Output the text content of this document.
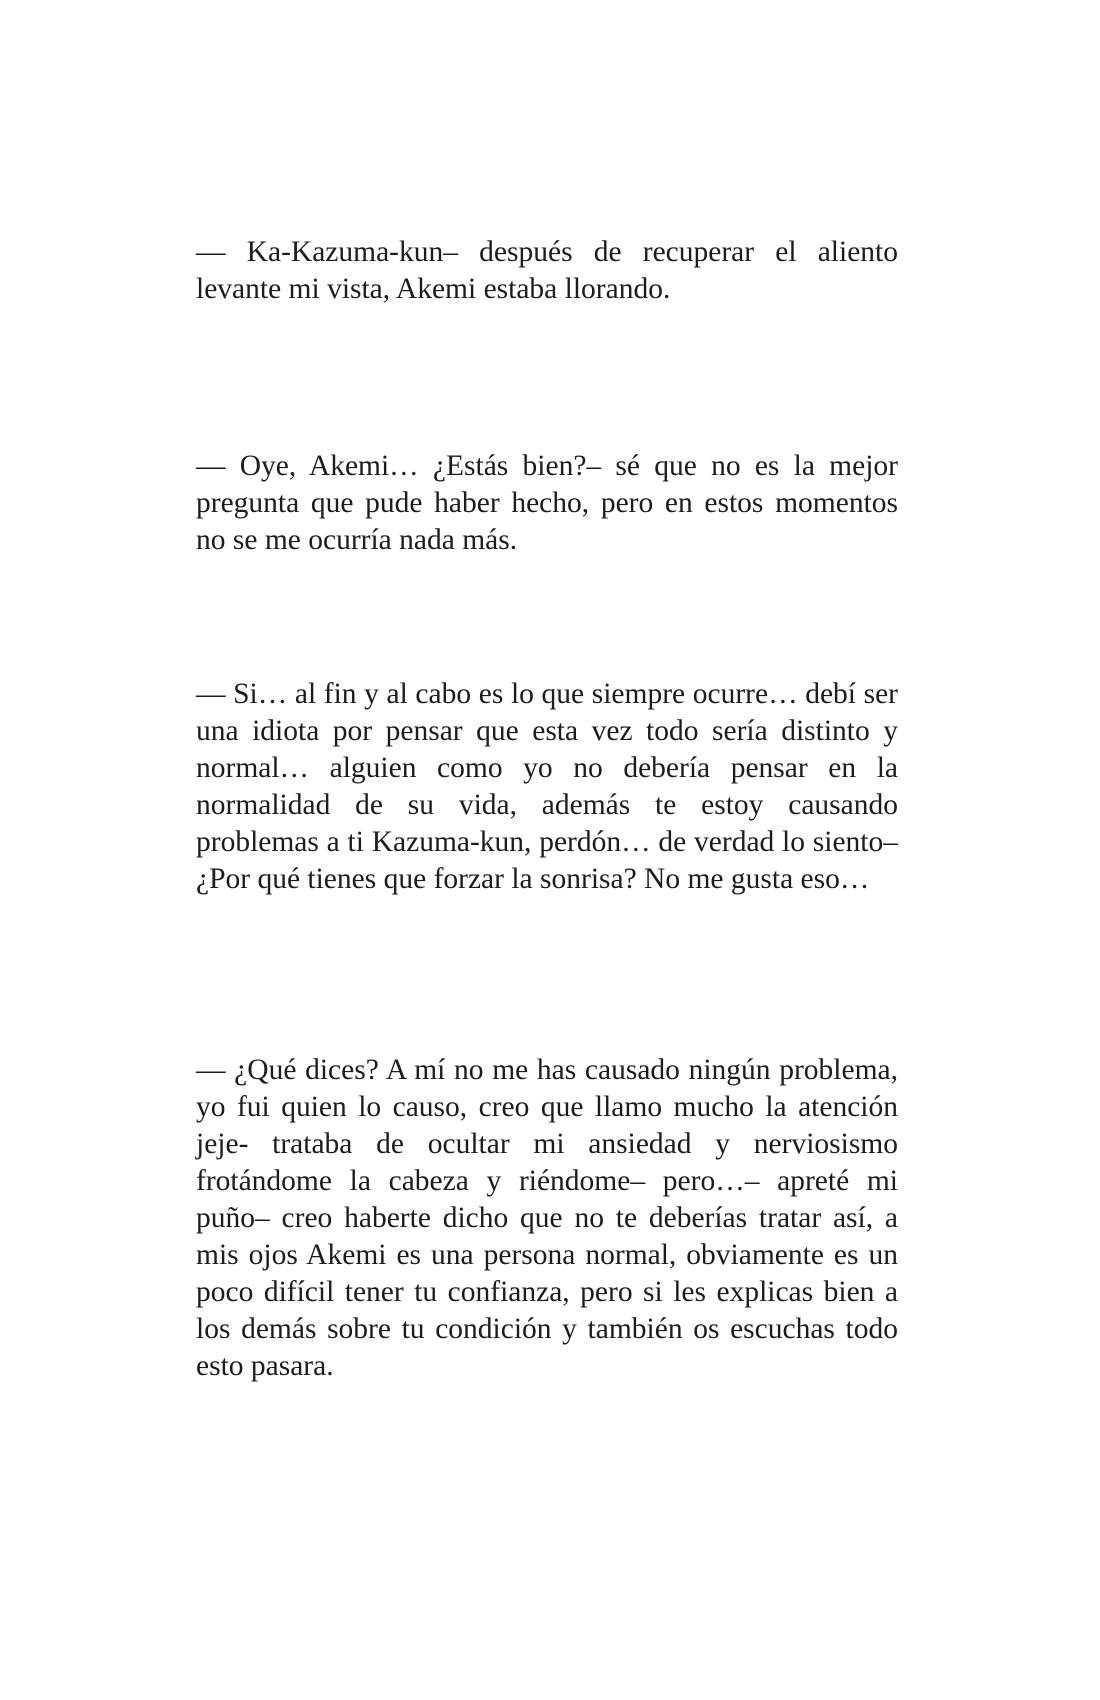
— Ka-Kazuma-kun– después de recuperar el aliento levante mi vista, Akemi estaba llorando.

— Oye, Akemi… ¿Estás bien?– sé que no es la mejor pregunta que pude haber hecho, pero en estos momentos no se me ocurría nada más.

— Si… al fin y al cabo es lo que siempre ocurre… debí ser una idiota por pensar que esta vez todo sería distinto y normal… alguien como yo no debería pensar en la normalidad de su vida, además te estoy causando problemas a ti Kazuma-kun, perdón… de verdad lo siento– ¿Por qué tienes que forzar la sonrisa? No me gusta eso…

— ¿Qué dices? A mí no me has causado ningún problema, yo fui quien lo causo, creo que llamo mucho la atención jeje- trataba de ocultar mi ansiedad y nerviosismo frotándome la cabeza y riéndome– pero…– apreté mi puño– creo haberte dicho que no te deberías tratar así, a mis ojos Akemi es una persona normal, obviamente es un poco difícil tener tu confianza, pero si les explicas bien a los demás sobre tu condición y también os escuchas todo esto pasara.
